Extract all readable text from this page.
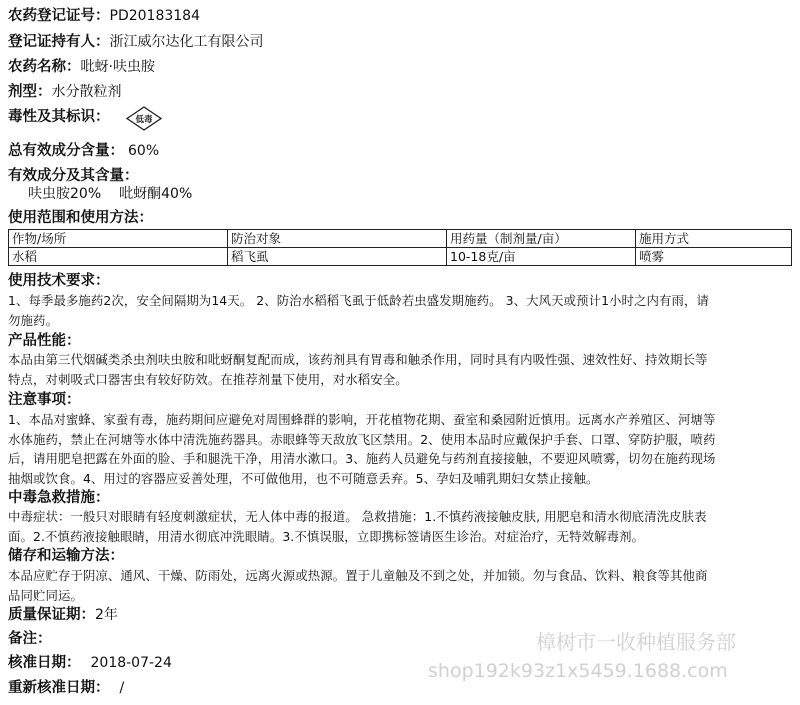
农药登记证号：PD20183184
登记证持有人：浙江威尔达化工有限公司
农药名称：吡蚜·呋虫胺
剂型：水分散粒剂
毒性及其标识：	低毒
总有效成分含量： 60%
有效成分及其含量：
呋虫胺20% 吡蚜酮40%
使用范围和使用方法：
作物/场所	防治对象	用药量（制剂量/亩）	施用方式
水稻	稻飞虱	10-18克/亩	喷雾
使用技术要求：
1、每季最多施药2次，安全间隔期为14天。 2、防治水稻稻飞虱于低龄若虫盛发期施药。 3、大风天或预计1小时之内有雨，请
勿施药。
产品性能：
本品由第三代烟碱类杀虫剂呋虫胺和吡蚜酮复配而成，该药剂具有胃毒和触杀作用，同时具有内吸性强、速效性好、持效期长等
特点，对刺吸式口器害虫有较好防效。在推荐剂量下使用，对水稻安全。
注意事项：
1、本品对蜜蜂、家蚕有毒，施药期间应避免对周围蜂群的影响，开花植物花期、蚕室和桑园附近慎用。远离水产养殖区、河塘等
水体施药，禁止在河塘等水体中清洗施药器具。赤眼蜂等天敌放飞区禁用。2、使用本品时应戴保护手套、口罩、穿防护服，喷药
后，请用肥皂把露在外面的脸、手和腿洗干净，用清水漱口。3、施药人员避免与药剂直接接触，不要迎风喷雾，切勿在施药现场
抽烟或饮食。4、用过的容器应妥善处理，不可做他用，也不可随意丢弃。5、孕妇及哺乳期妇女禁止接触。
中毒急救措施：
中毒症状：一般只对眼睛有轻度刺激症状，无人体中毒的报道。 急救措施：1.不慎药液接触皮肤, 用肥皂和清水彻底清洗皮肤表
面。2.不慎药液接触眼睛，用清水彻底冲洗眼睛。3.不慎误服，立即携标签请医生诊治。对症治疗，无特效解毒剂。
储存和运输方法：
本品应贮存于阴凉、通风、干燥、防雨处，远离火源或热源。置于儿童触及不到之处，并加锁。勿与食品、饮料、粮食等其他商
品同贮同运。
质量保证期：2年
备注：
核准日期： 2018-07-24
重新核准日期： /
樟树市一收种植服务部
shop192k93z1x5459.1688.com
